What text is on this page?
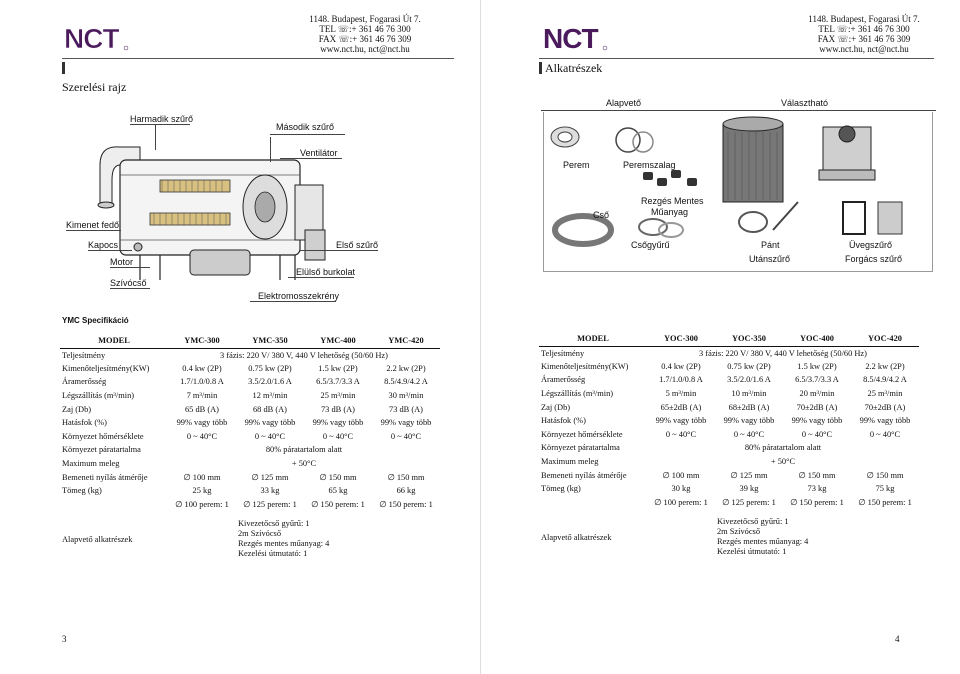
NCT
1148. Budapest, Fogarasi Út 7.
TEL ☏:+ 361 46 76 300
FAX ☏:+ 361 46 76 309
www.nct.hu, nct@nct.hu
Szerelési rajz
Harmadik szűrő
Második szűrő
Ventilátor
Kimenet fedő
Kapocs
Motor
Első szűrő
Elülső burkolat
Szívócső
Elektromosszekrény
YMC Specifikáció
MODEL	YMC-300	YMC-350	YMC-400	YMC-420
Teljesítmény	3 fázis: 220 V/ 380 V, 440 V lehetőség (50/60 Hz)			
Kimenőteljesítmény(KW)	0.4 kw (2P)	0.75 kw (2P)	1.5 kw (2P)	2.2 kw (2P)
Áramerősség	1.7/1.0/0.8 A	3.5/2.0/1.6 A	6.5/3.7/3.3 A	8.5/4.9/4.2 A
Légszállítás (m³/min)	7 m³/min	12 m³/min	25 m³/min	30 m³/min
Zaj (Db)	65 dB (A)	68 dB (A)	73 dB (A)	73 dB (A)
Hatásfok (%)	99% vagy több	99% vagy több	99% vagy több	99% vagy több
Környezet hőmérséklete	0 ~ 40°C	0 ~ 40°C	0 ~ 40°C	0 ~ 40°C
Környezet páratartalma	80% páratartalom alatt			
Maximum meleg	+ 50°C			
Bemeneti nyílás átmérője	∅ 100 mm	∅ 125 mm	∅ 150 mm	∅ 150 mm
Tömeg (kg)	25 kg	33 kg	65 kg	66 kg
	∅ 100 perem: 1	∅ 125 perem: 1	∅ 150 perem: 1	∅ 150 perem: 1
Alapvető alkatrészek	Kivezetőcső gyűrű: 1
2m Szívócső
Rezgés mentes műanyag: 4
Kezelési útmutató: 1			
3
NCT
1148. Budapest, Fogarasi Út 7.
TEL ☏:+ 361 46 76 300
FAX ☏:+ 361 46 76 309
www.nct.hu, nct@nct.hu
Alkatrészek
Alapvető	Választható
Perem	Peremszalag
Cső
Rezgés Mentes
Műanyag
Csőgyűrű	Pánt
Utánszűrő
Üvegszűrő
Forgács szűrő
MODEL	YOC-300	YOC-350	YOC-400	YOC-420
Teljesítmény	3 fázis: 220 V/ 380 V, 440 V lehetőség (50/60 Hz)			
Kimenőteljesítmény(KW)	0.4 kw (2P)	0.75 kw (2P)	1.5 kw (2P)	2.2 kw (2P)
Áramerősség	1.7/1.0/0.8 A	3.5/2.0/1.6 A	6.5/3.7/3.3 A	8.5/4.9/4.2 A
Légszállítás (m³/min)	5 m³/min	10 m³/min	20 m³/min	25 m³/min
Zaj (Db)	65±2dB (A)	68±2dB (A)	70±2dB (A)	70±2dB (A)
Hatásfok (%)	99% vagy több	99% vagy több	99% vagy több	99% vagy több
Környezet hőmérséklete	0 ~ 40°C	0 ~ 40°C	0 ~ 40°C	0 ~ 40°C
Környezet páratartalma	80% páratartalom alatt			
Maximum meleg	+ 50°C			
Bemeneti nyílás átmérője	∅ 100 mm	∅ 125 mm	∅ 150 mm	∅ 150 mm
Tömeg (kg)	30 kg	39 kg	73 kg	75 kg
	∅ 100 perem: 1	∅ 125 perem: 1	∅ 150 perem: 1	∅ 150 perem: 1
Alapvető alkatrészek	Kivezetőcső gyűrű: 1
2m Szívócső
Rezgés mentes műanyag: 4
Kezelési útmutató: 1			
4
